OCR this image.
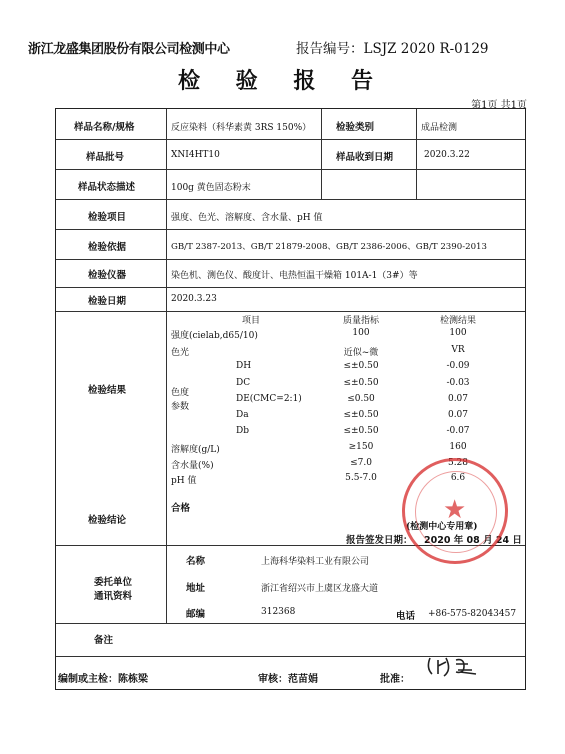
浙江龙盛集团股份有限公司检测中心	报告编号：LSJZ 2020 R-0129
检 验 报 告
第1页 共1页
样品名称/规格	反应染料（科华素黄 3RS 150%）	检验类别	成品检测
样品批号	XNI4HT10	样品收到日期	2020.3.22
样品状态描述	100g 黄色固态粉末
检验项目	强度、色光、溶解度、含水量、pH 值
检验依据	GB/T 2387-2013、GB/T 21879-2008、GB/T 2386-2006、GB/T 2390-2013
检验仪器	染色机、测色仪、酸度计、电热恒温干燥箱 101A-1（3#）等
检验日期	2020.3.23
检验结果
项目	质量指标	检测结果
强度(cielab,d65/10)	100	100
色光	近似~微	VR
色度
参数
DH	≤±0.50	-0.09
DC	≤±0.50	-0.03
DE(CMC=2:1)	≤0.50	0.07
Da	≤±0.50	0.07
Db	≤±0.50	-0.07
溶解度(g/L)	≥150	160
含水量(%)	≤7.0	5.28
pH 值	5.5-7.0	6.6
检验结论
合格
(检测中心专用章)
报告签发日期： 2020 年 08 月 24 日
委托单位
通讯资料
名称	上海科华染料工业有限公司
地址	浙江省绍兴市上虞区龙盛大道
邮编	312368	电话 +86-575-82043457
备注
编制或主检：陈栋梁	审核：范苗娟	批准：
★
